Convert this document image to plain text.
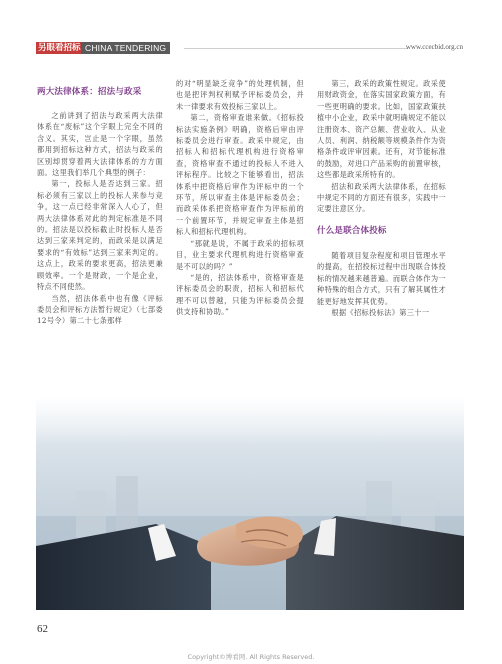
另眼看招标 CHINA TENDERING	www.ccecbid.org.cn
两大法律体系：招法与政采

之前讲到了招法与政采两大法律体系在“废标”这个字眼上完全不同的含义。其实，岂止是一个字眼，虽然都用到招标这种方式，招法与政采的区别却贯穿着两大法律体系的方方面面。这里我们举几个典型的例子：

第一，投标人是否达到三家。招标必须有三家以上的投标人来参与竞争，这一点已经非常深入人心了，但两大法律体系对此的判定标准是不同的。招法是以投标截止时投标人是否达到三家来判定的，而政采是以满足要求的“有效标”达到三家来判定的。这点上，政采的要求更高，招法更兼顾效率。一个是财政，一个是企业，特点不同使然。

当然，招法体系中也有像《评标委员会和评标方法暂行规定》（七部委12号令）第二十七条那样

的对“明显缺乏竞争”的处理机制，但也是把评判权利赋予评标委员会，并未一律要求有效投标三家以上。

第二，资格审查谁来做。《招标投标法实施条例》明确，资格后审由评标委员会进行审查。政采中规定，由招标人和招标代理机构进行资格审查，资格审查不通过的投标人不进入评标程序。比较之下能够看出，招法体系中把资格后审作为评标中的一个环节，所以审查主体是评标委员会；而政采体系把资格审查作为评标前的一个前置环节，并规定审查主体是招标人和招标代理机构。

“那就是说，不属于政采的招标项目，业主要求代理机构进行资格审查是不可以的吗？”

“是的，招法体系中，资格审查是评标委员会的职责，招标人和招标代理不可以替越，只能为评标委员会提供支持和协助。”

第三，政采的政策性规定。政采使用财政资金，在落实国家政策方面，有一些更明确的要求。比如，国家政策扶植中小企业，政采中就明确规定不能以注册资本、资产总额、营业收入、从业人员、利润、纳税额等规模条件作为资格条件或评审因素。还有，对节能标准的鼓励，对进口产品采购的前置审核，这些都是政采所特有的。

招法和政采两大法律体系，在招标中规定不同的方面还有很多，实践中一定要注意区分。

什么是联合体投标

随着项目复杂程度和项目管理水平的提高，在招投标过程中出现联合体投标的情况越来越普遍。而联合体作为一种特殊的组合方式，只有了解其属性才能更好地发挥其优势。

根据《招标投标法》第三十一

62
Copyright©博看网. All Rights Reserved.
